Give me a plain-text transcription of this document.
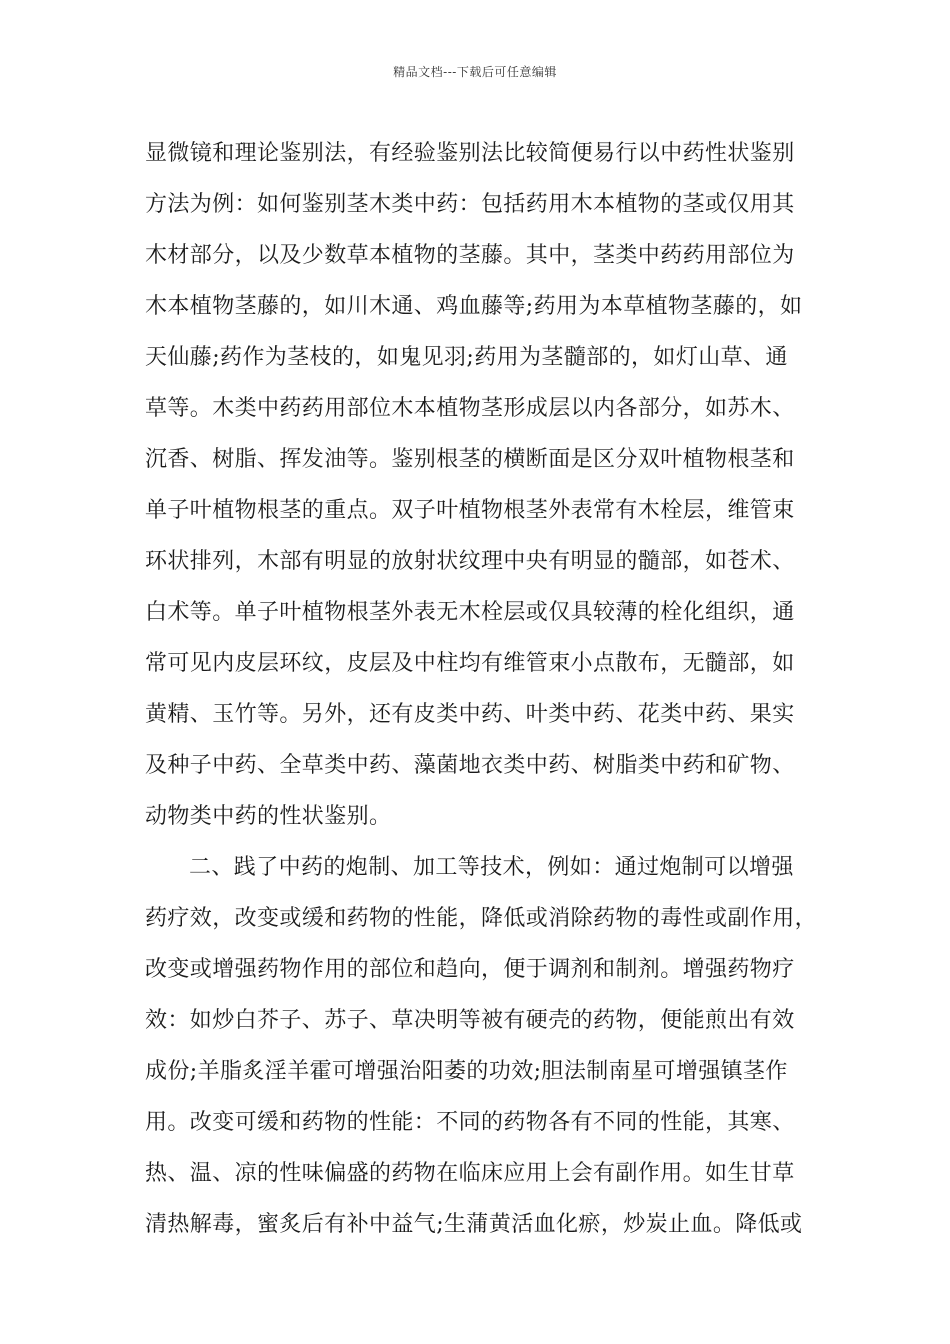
精品文档---下载后可任意编辑
显微镜和理论鉴别法，有经验鉴别法比较简便易行以中药性状鉴别
方法为例：如何鉴别茎木类中药：包括药用木本植物的茎或仅用其
木材部分，以及少数草本植物的茎藤。其中，茎类中药药用部位为
木本植物茎藤的，如川木通、鸡血藤等;药用为本草植物茎藤的，如
天仙藤;药作为茎枝的，如鬼见羽;药用为茎髓部的，如灯山草、通
草等。木类中药药用部位木本植物茎形成层以内各部分，如苏木、
沉香、树脂、挥发油等。鉴别根茎的横断面是区分双叶植物根茎和
单子叶植物根茎的重点。双子叶植物根茎外表常有木栓层，维管束
环状排列，木部有明显的放射状纹理中央有明显的髓部，如苍术、
白术等。单子叶植物根茎外表无木栓层或仅具较薄的栓化组织，通
常可见内皮层环纹，皮层及中柱均有维管束小点散布，无髓部，如
黄精、玉竹等。另外，还有皮类中药、叶类中药、花类中药、果实
及种子中药、全草类中药、藻菌地衣类中药、树脂类中药和矿物、
动物类中药的性状鉴别。
二、践了中药的炮制、加工等技术，例如：通过炮制可以增强
药疗效，改变或缓和药物的性能，降低或消除药物的毒性或副作用，
改变或增强药物作用的部位和趋向，便于调剂和制剂。增强药物疗
效：如炒白芥子、苏子、草决明等被有硬壳的药物，便能煎出有效
成份;羊脂炙淫羊霍可增强治阳萎的功效;胆法制南星可增强镇茎作
用。改变可缓和药物的性能：不同的药物各有不同的性能，其寒、
热、温、凉的性味偏盛的药物在临床应用上会有副作用。如生甘草
清热解毒，蜜炙后有补中益气;生蒲黄活血化瘀，炒炭止血。降低或
